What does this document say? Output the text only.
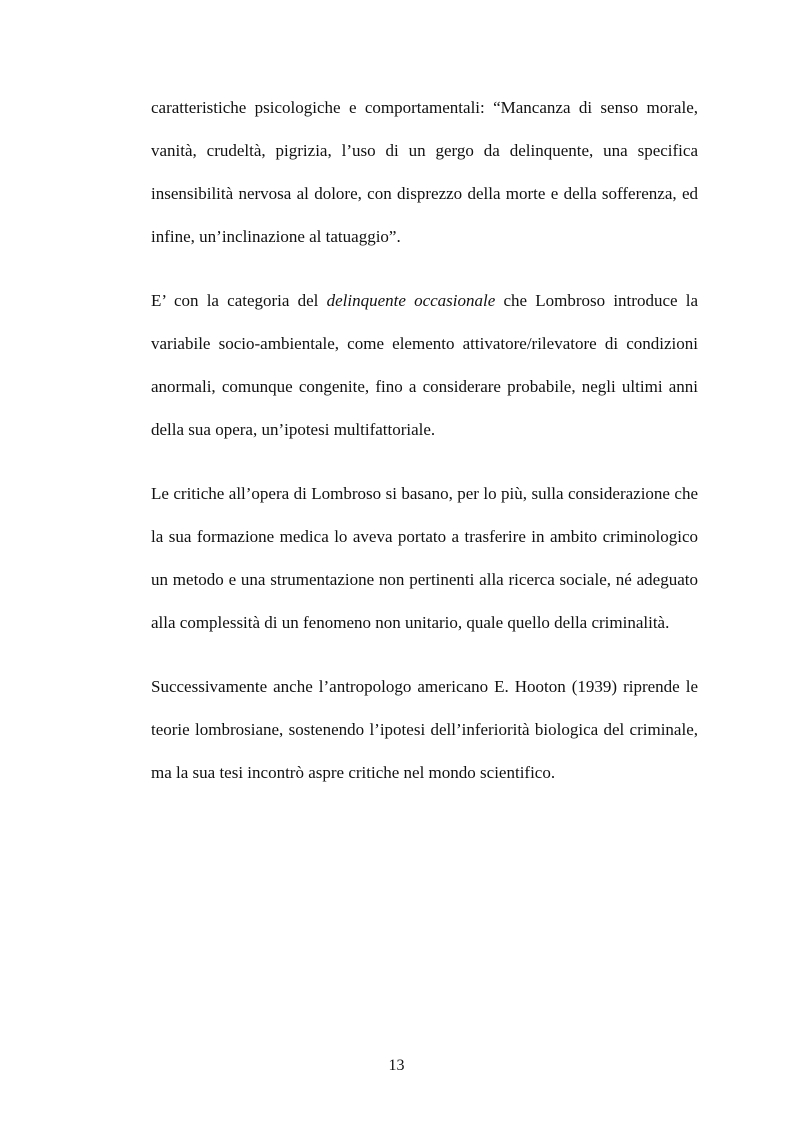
caratteristiche psicologiche e comportamentali: “Mancanza di senso morale, vanità, crudeltà, pigrizia, l’uso di un gergo da delinquente, una specifica insensibilità nervosa al dolore, con disprezzo della morte e della sofferenza, ed infine, un’inclinazione al tatuaggio”.

E’ con la categoria del delinquente occasionale che Lombroso introduce la variabile socio-ambientale, come elemento attivatore/rilevatore di condizioni anormali, comunque congenite, fino a considerare probabile, negli ultimi anni della sua opera, un’ipotesi multifattoriale.

Le critiche all’opera di Lombroso si basano, per lo più, sulla considerazione che la sua formazione medica lo aveva portato a trasferire in ambito criminologico un metodo e una strumentazione non pertinenti alla ricerca sociale, né adeguato alla complessità di un fenomeno non unitario, quale quello della criminalità.

Successivamente anche l’antropologo americano E. Hooton (1939) riprende le teorie lombrosiane, sostenendo l’ipotesi dell’inferiorità biologica del criminale, ma la sua tesi incontrò aspre critiche nel mondo scientifico.

13
